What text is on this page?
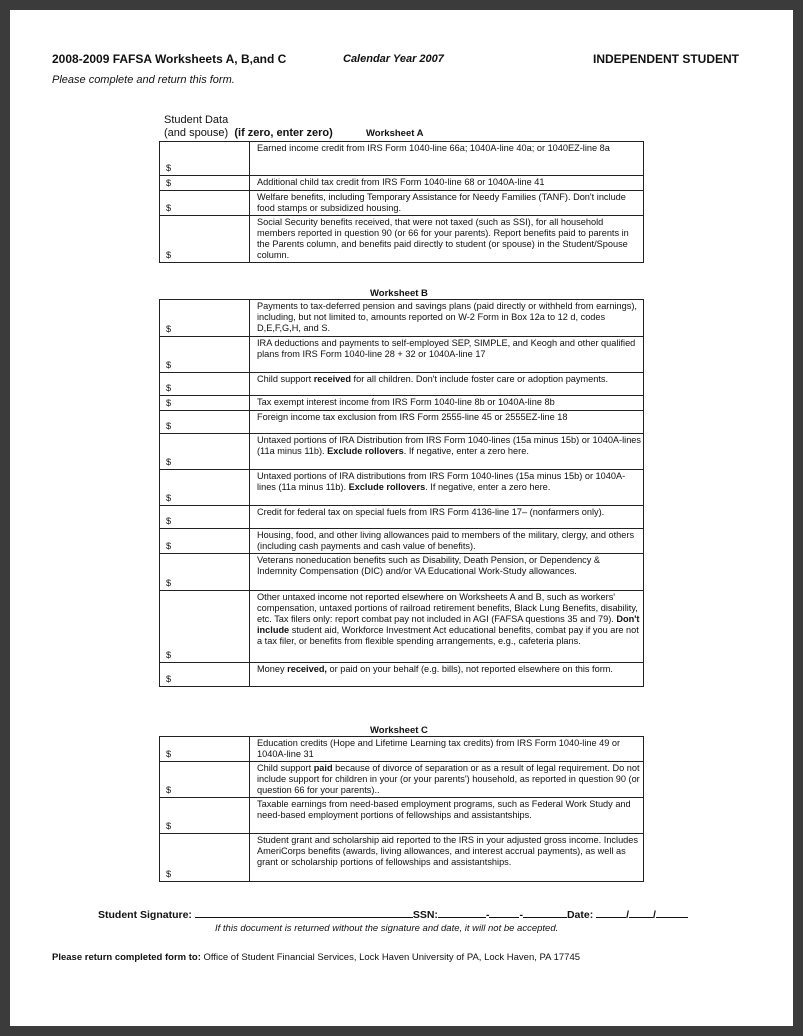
2008-2009 FAFSA Worksheets A, B,and C	Calendar Year 2007	INDEPENDENT STUDENT
Please complete and return this form.
Student Data
(and spouse) (if zero, enter zero)	Worksheet A
$	Earned income credit from IRS Form 1040-line 66a; 1040A-line 40a; or 1040EZ-line 8a
$	Additional child tax credit from IRS Form 1040-line 68 or 1040A-line 41
$	Welfare benefits, including Temporary Assistance for Needy Families (TANF). Don't include food stamps or subsidized housing.
$	Social Security benefits received, that were not taxed (such as SSI), for all household members reported in question 90 (or 66 for your parents). Report benefits paid to parents in the Parents column, and benefits paid directly to student (or spouse) in the Student/Spouse column.
Worksheet B
$	Payments to tax-deferred pension and savings plans (paid directly or withheld from earnings), including, but not limited to, amounts reported on W-2 Form in Box 12a to 12 d, codes D,E,F,G,H, and S.
$	IRA deductions and payments to self-employed SEP, SIMPLE, and Keogh and other qualified plans from IRS Form 1040-line 28 + 32 or 1040A-line 17
$	Child support received for all children. Don't include foster care or adoption payments.
$	Tax exempt interest income from IRS Form 1040-line 8b or 1040A-line 8b
$	Foreign income tax exclusion from IRS Form 2555-line 45 or 2555EZ-line 18
$	Untaxed portions of IRA Distribution from IRS Form 1040-lines (15a minus 15b) or 1040A-lines (11a minus 11b). Exclude rollovers. If negative, enter a zero here.
$	Untaxed portions of IRA distributions from IRS Form 1040-lines (15a minus 15b) or 1040A-lines (11a minus 11b). Exclude rollovers. If negative, enter a zero here.
$	Credit for federal tax on special fuels from IRS Form 4136-line 17– (nonfarmers only).
$	Housing, food, and other living allowances paid to members of the military, clergy, and others (including cash payments and cash value of benefits).
$	Veterans noneducation benefits such as Disability, Death Pension, or Dependency & Indemnity Compensation (DIC) and/or VA Educational Work-Study allowances.
$	Other untaxed income not reported elsewhere on Worksheets A and B, such as workers' compensation, untaxed portions of railroad retirement benefits, Black Lung Benefits, disability, etc. Tax filers only: report combat pay not included in AGI (FAFSA questions 35 and 79). Don't include student aid, Workforce Investment Act educational benefits, combat pay if you are not a tax filer, or benefits from flexible spending arrangements, e.g., cafeteria plans.
$	Money received, or paid on your behalf (e.g. bills), not reported elsewhere on this form.
Worksheet C
$	Education credits (Hope and Lifetime Learning tax credits) from IRS Form 1040-line 49 or 1040A-line 31
$	Child support paid because of divorce of separation or as a result of legal requirement. Do not include support for children in your (or your parents') household, as reported in question 90 (or question 66 for your parents)..
$	Taxable earnings from need-based employment programs, such as Federal Work Study and need-based employment portions of fellowships and assistantships.
$	Student grant and scholarship aid reported to the IRS in your adjusted gross income. Includes AmeriCorps benefits (awards, living allowances, and interest accrual payments), as well as grant or scholarship portions of fellowships and assistantships.
Student Signature:	SSN:	-	-	Date:	/ /
If this document is returned without the signature and date, it will not be accepted.
Please return completed form to: Office of Student Financial Services, Lock Haven University of PA, Lock Haven, PA 17745
